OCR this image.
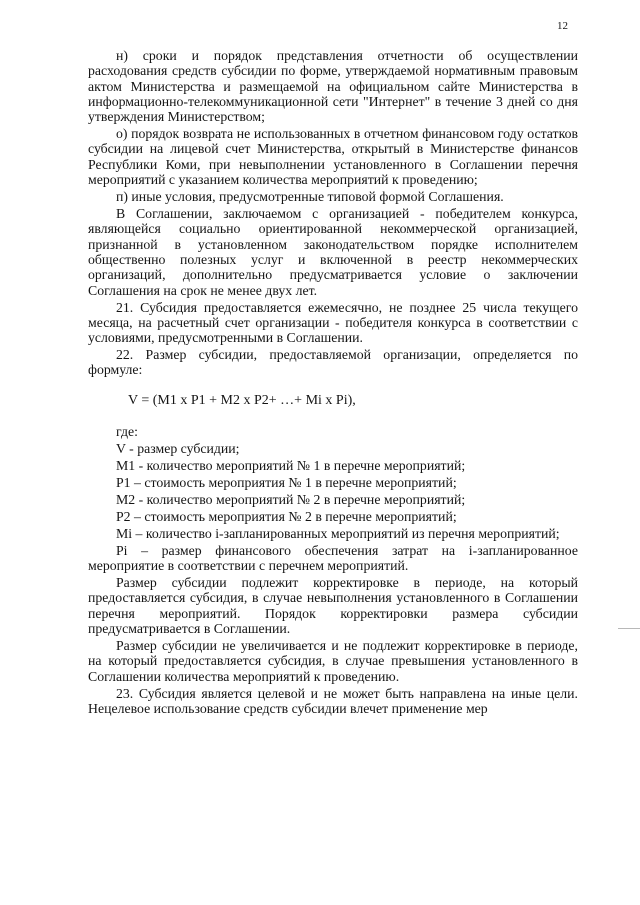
12

н) сроки и порядок представления отчетности об осуществлении расходования средств субсидии по форме, утверждаемой нормативным правовым актом Министерства и размещаемой на официальном сайте Министерства в информационно-телекоммуникационной сети "Интернет" в течение 3 дней со дня утверждения Министерством;

о) порядок возврата не использованных в отчетном финансовом году остатков субсидии на лицевой счет Министерства, открытый в Министерстве финансов Республики Коми, при невыполнении установленного в Соглашении перечня мероприятий с указанием количества мероприятий к проведению;

п) иные условия, предусмотренные типовой формой Соглашения.

В Соглашении, заключаемом с организацией - победителем конкурса, являющейся социально ориентированной некоммерческой организацией, признанной в установленном законодательством порядке исполнителем общественно полезных услуг и включенной в реестр некоммерческих организаций, дополнительно предусматривается условие о заключении Соглашения на срок не менее двух лет.

21. Субсидия предоставляется ежемесячно, не позднее 25 числа текущего месяца, на расчетный счет организации - победителя конкурса в соответствии с условиями, предусмотренными в Соглашении.

22. Размер субсидии, предоставляемой организации, определяется по формуле:

V = (M1 x P1 + M2 x P2+ …+ Mi x Pi),

где:

V - размер субсидии;

M1 - количество мероприятий № 1 в перечне мероприятий;

P1 – стоимость мероприятия № 1 в перечне мероприятий;

M2 - количество мероприятий № 2 в перечне мероприятий;

P2 – стоимость мероприятия № 2 в перечне мероприятий;

Mi – количество i-запланированных мероприятий из перечня мероприятий;

Pi – размер финансового обеспечения затрат на i-запланированное мероприятие в соответствии с перечнем мероприятий.

Размер субсидии подлежит корректировке в периоде, на который предоставляется субсидия, в случае невыполнения установленного в Соглашении перечня мероприятий. Порядок корректировки размера субсидии предусматривается в Соглашении.

Размер субсидии не увеличивается и не подлежит корректировке в периоде, на который предоставляется субсидия, в случае превышения установленного в Соглашении количества мероприятий к проведению.

23. Субсидия является целевой и не может быть направлена на иные цели. Нецелевое использование средств субсидии влечет применение мер
